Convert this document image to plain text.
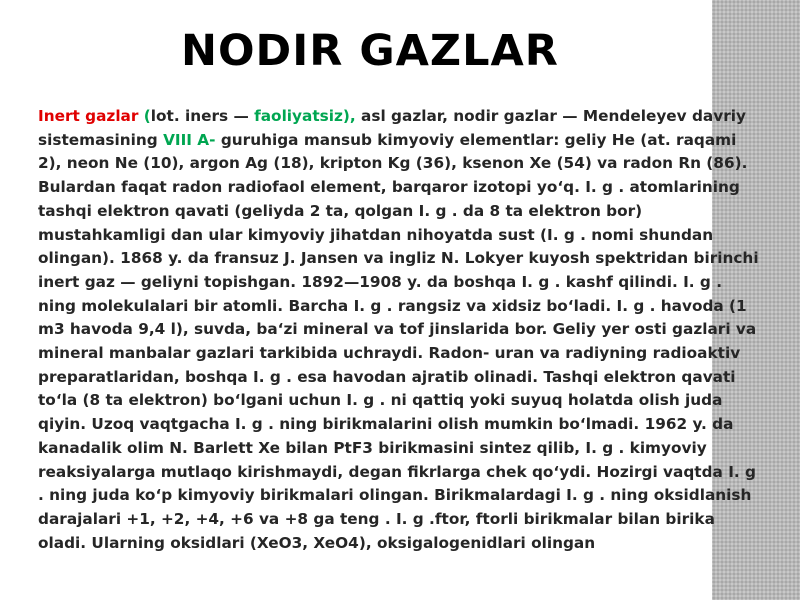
NODIR GAZLAR

Inert gazlar (lot. iners — faoliyatsiz), asl gazlar, nodir gazlar — Mendeleyev davriy sistemasining VIII A- guruhiga mansub kimyoviy elementlar: geliy He (at. raqami 2), neon Ne (10), argon Ag (18), kripton Kg (36), ksenon Xe (54) va radon Rn (86). Bulardan faqat radon radiofaol element, barqaror izotopi yo‘q. I. g . atomlarining tashqi elektron qavati (geliyda 2 ta, qolgan I. g . da 8 ta elektron bor) mustahkamligi dan ular kimyoviy jihatdan nihoyatda sust (I. g . nomi shundan olingan). 1868 y. da fransuz J. Jansen va ingliz N. Lokyer kuyosh spektridan birinchi inert gaz — geliyni topishgan. 1892—1908 y. da boshqa I. g . kashf qilindi. I. g . ning molekulalari bir atomli. Barcha I. g . rangsiz va xidsiz bo‘ladi. I. g . havoda (1 m3 havoda 9,4 l), suvda, ba‘zi mineral va tof jinslarida bor. Geliy yer osti gazlari va mineral manbalar gazlari tarkibida uchraydi. Radon- uran va radiyning radioaktiv preparatlaridan, boshqa I. g . esa havodan ajratib olinadi. Tashqi elektron qavati to‘la (8 ta elektron) bo‘lgani uchun I. g . ni qattiq yoki suyuq holatda olish juda qiyin. Uzoq vaqtgacha I. g . ning birikmalarini olish mumkin bo‘lmadi. 1962 y. da kanadalik olim N. Barlett Xe bilan PtF3 birikmasini sintez qilib, I. g . kimyoviy reaksiyalarga mutlaqo kirishmaydi, degan fikrlarga chek qo‘ydi. Hozirgi vaqtda I. g . ning juda ko‘p kimyoviy birikmalari olingan. Birikmalardagi I. g . ning oksidlanish darajalari +1, +2, +4, +6 va +8 ga teng . I. g .ftor, ftorli birikmalar bilan birika oladi. Ularning oksidlari (XeO3, XeO4), oksigalogenidlari olingan
